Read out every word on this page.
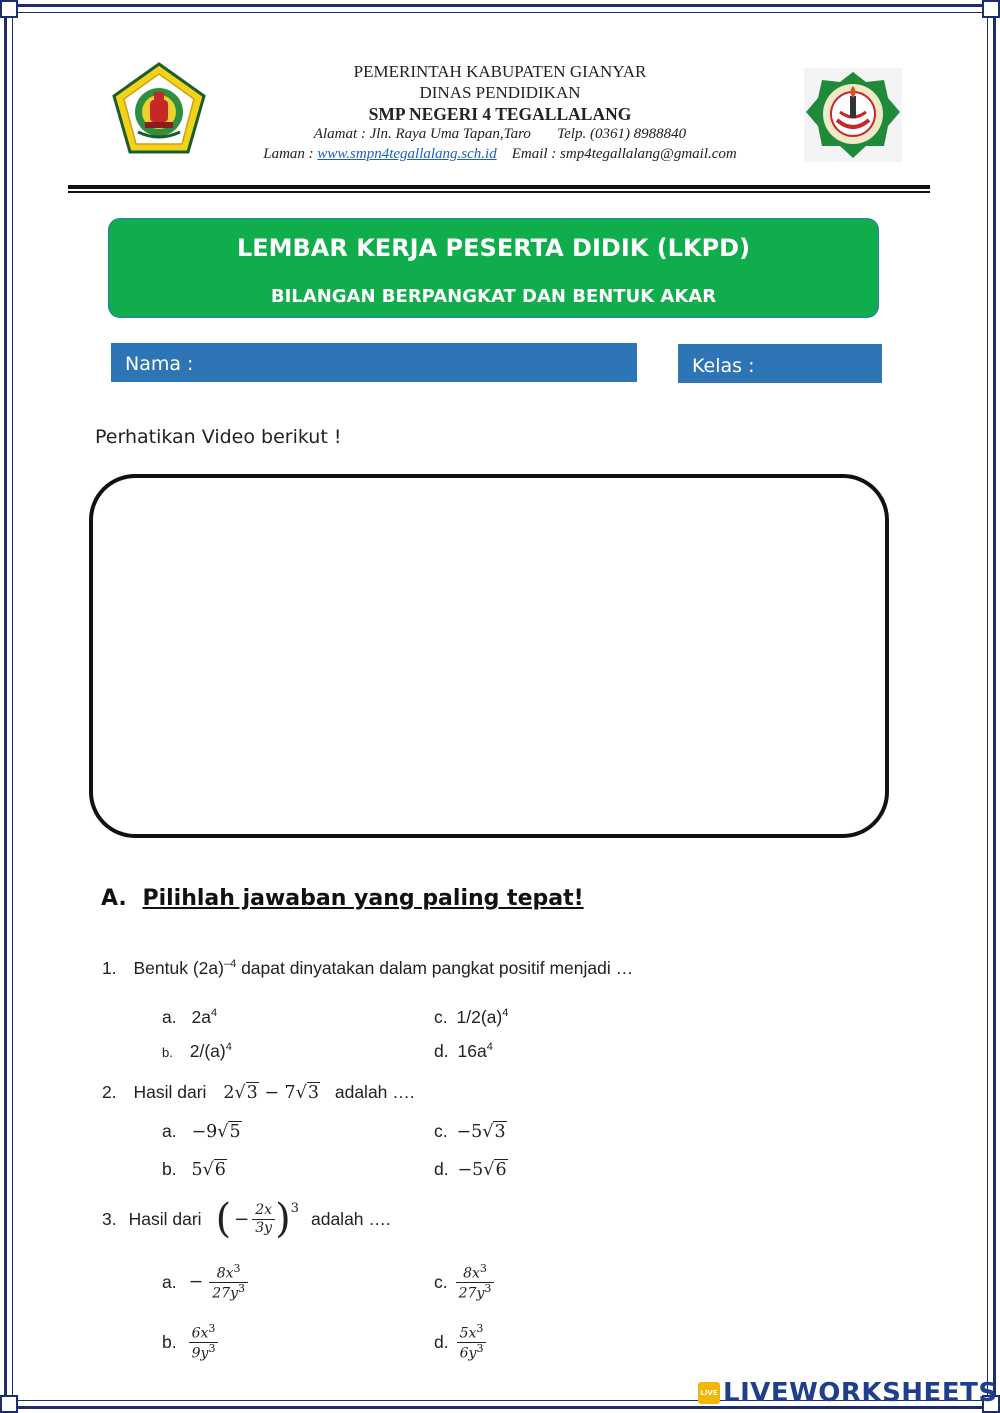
PEMERINTAH KABUPATEN GIANYAR
DINAS PENDIDIKAN
SMP NEGERI 4 TEGALLALANG
Alamat : Jln. Raya Uma Tapan,Taro Telp. (0361) 8988840
Laman : www.smpn4tegallalang.sch.id Email : smp4tegallalang@gmail.com
LEMBAR KERJA PESERTA DIDIK (LKPD)
BILANGAN BERPANGKAT DAN BENTUK AKAR
Nama :	Kelas :
Perhatikan Video berikut !
A. Pilihlah jawaban yang paling tepat!
1. Bentuk $(2a)^{-4}$ dapat dinyatakan dalam pangkat positif menjadi …
a. $2a^4$	c. $1/2(a)^4$
b. $2/(a)^4$	d. $16a^4$
2. Hasil dari 2√3 − 7√3 adalah ….
a. −9√5	c. −5√3
b. 5√6	d. −5√6
3. Hasil dari ( − $\frac{2x}{3y}$ ) 3 adalah ….
a. − $\frac{8x^3}{27y^3}$	c. $\frac{8x^3}{27y^3}$
b. $\frac{6x^3}{9y^3}$	d. $\frac{5x^3}{6y^3}$
LIVE LIVEWORKSHEETS
